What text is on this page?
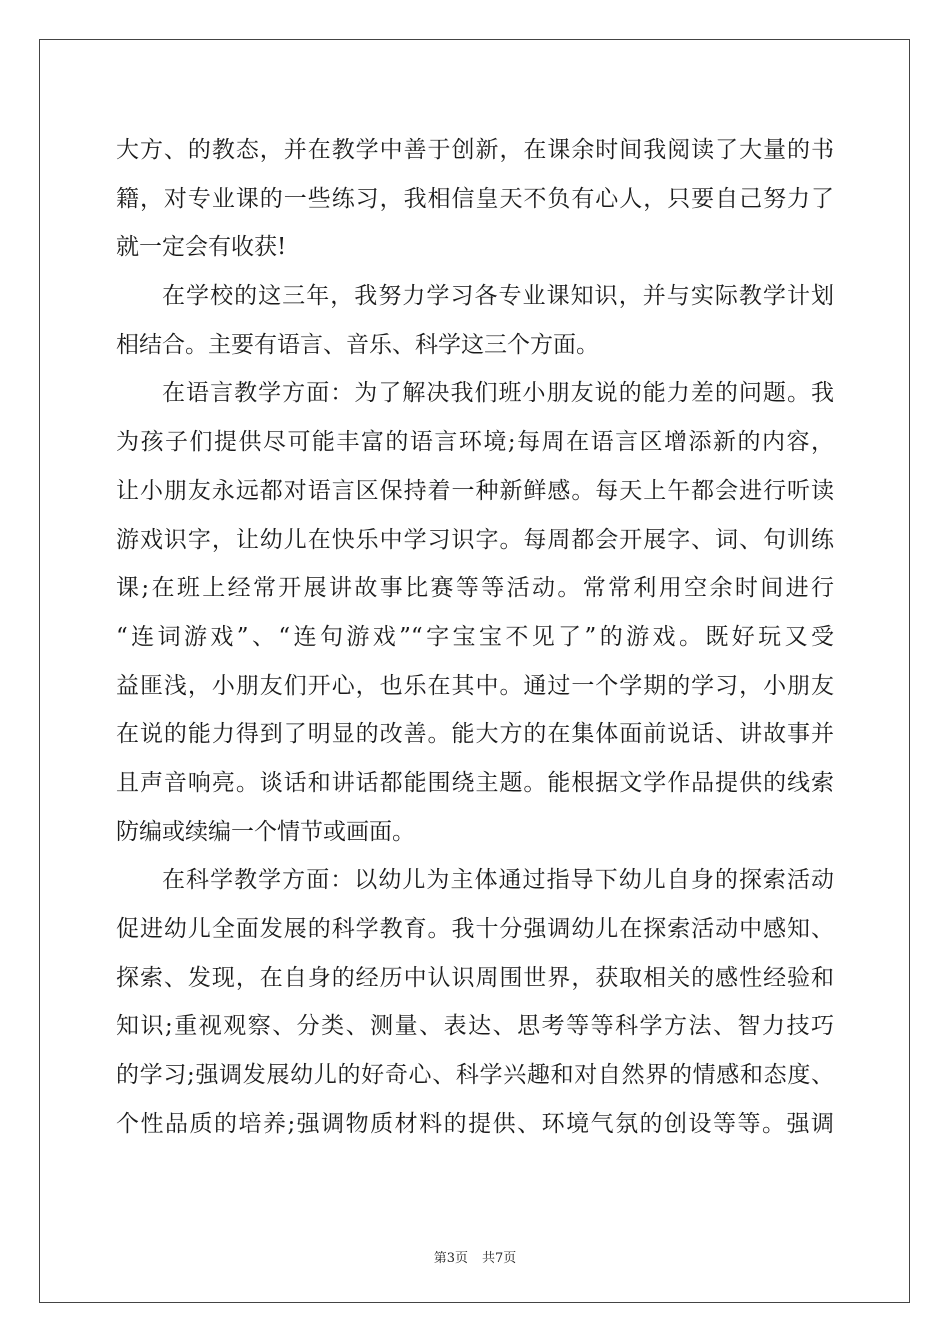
大方、的教态，并在教学中善于创新，在课余时间我阅读了大量的书
籍，对专业课的一些练习，我相信皇天不负有心人，只要自己努力了
就一定会有收获!
在学校的这三年，我努力学习各专业课知识，并与实际教学计划
相结合。主要有语言、音乐、科学这三个方面。
在语言教学方面：为了解决我们班小朋友说的能力差的问题。我
为孩子们提供尽可能丰富的语言环境;每周在语言区增添新的内容，
让小朋友永远都对语言区保持着一种新鲜感。每天上午都会进行听读
游戏识字，让幼儿在快乐中学习识字。每周都会开展字、词、句训练
课;在班上经常开展讲故事比赛等等活动。常常利用空余时间进行
“连词游戏”、“连句游戏”“字宝宝不见了”的游戏。既好玩又受
益匪浅，小朋友们开心，也乐在其中。通过一个学期的学习，小朋友
在说的能力得到了明显的改善。能大方的在集体面前说话、讲故事并
且声音响亮。谈话和讲话都能围绕主题。能根据文学作品提供的线索
防编或续编一个情节或画面。
在科学教学方面：以幼儿为主体通过指导下幼儿自身的探索活动
促进幼儿全面发展的科学教育。我十分强调幼儿在探索活动中感知、
探索、发现，在自身的经历中认识周围世界，获取相关的感性经验和
知识;重视观察、分类、测量、表达、思考等等科学方法、智力技巧
的学习;强调发展幼儿的好奇心、科学兴趣和对自然界的情感和态度、
个性品质的培养;强调物质材料的提供、环境气氛的创设等等。强调
第3页 共7页
